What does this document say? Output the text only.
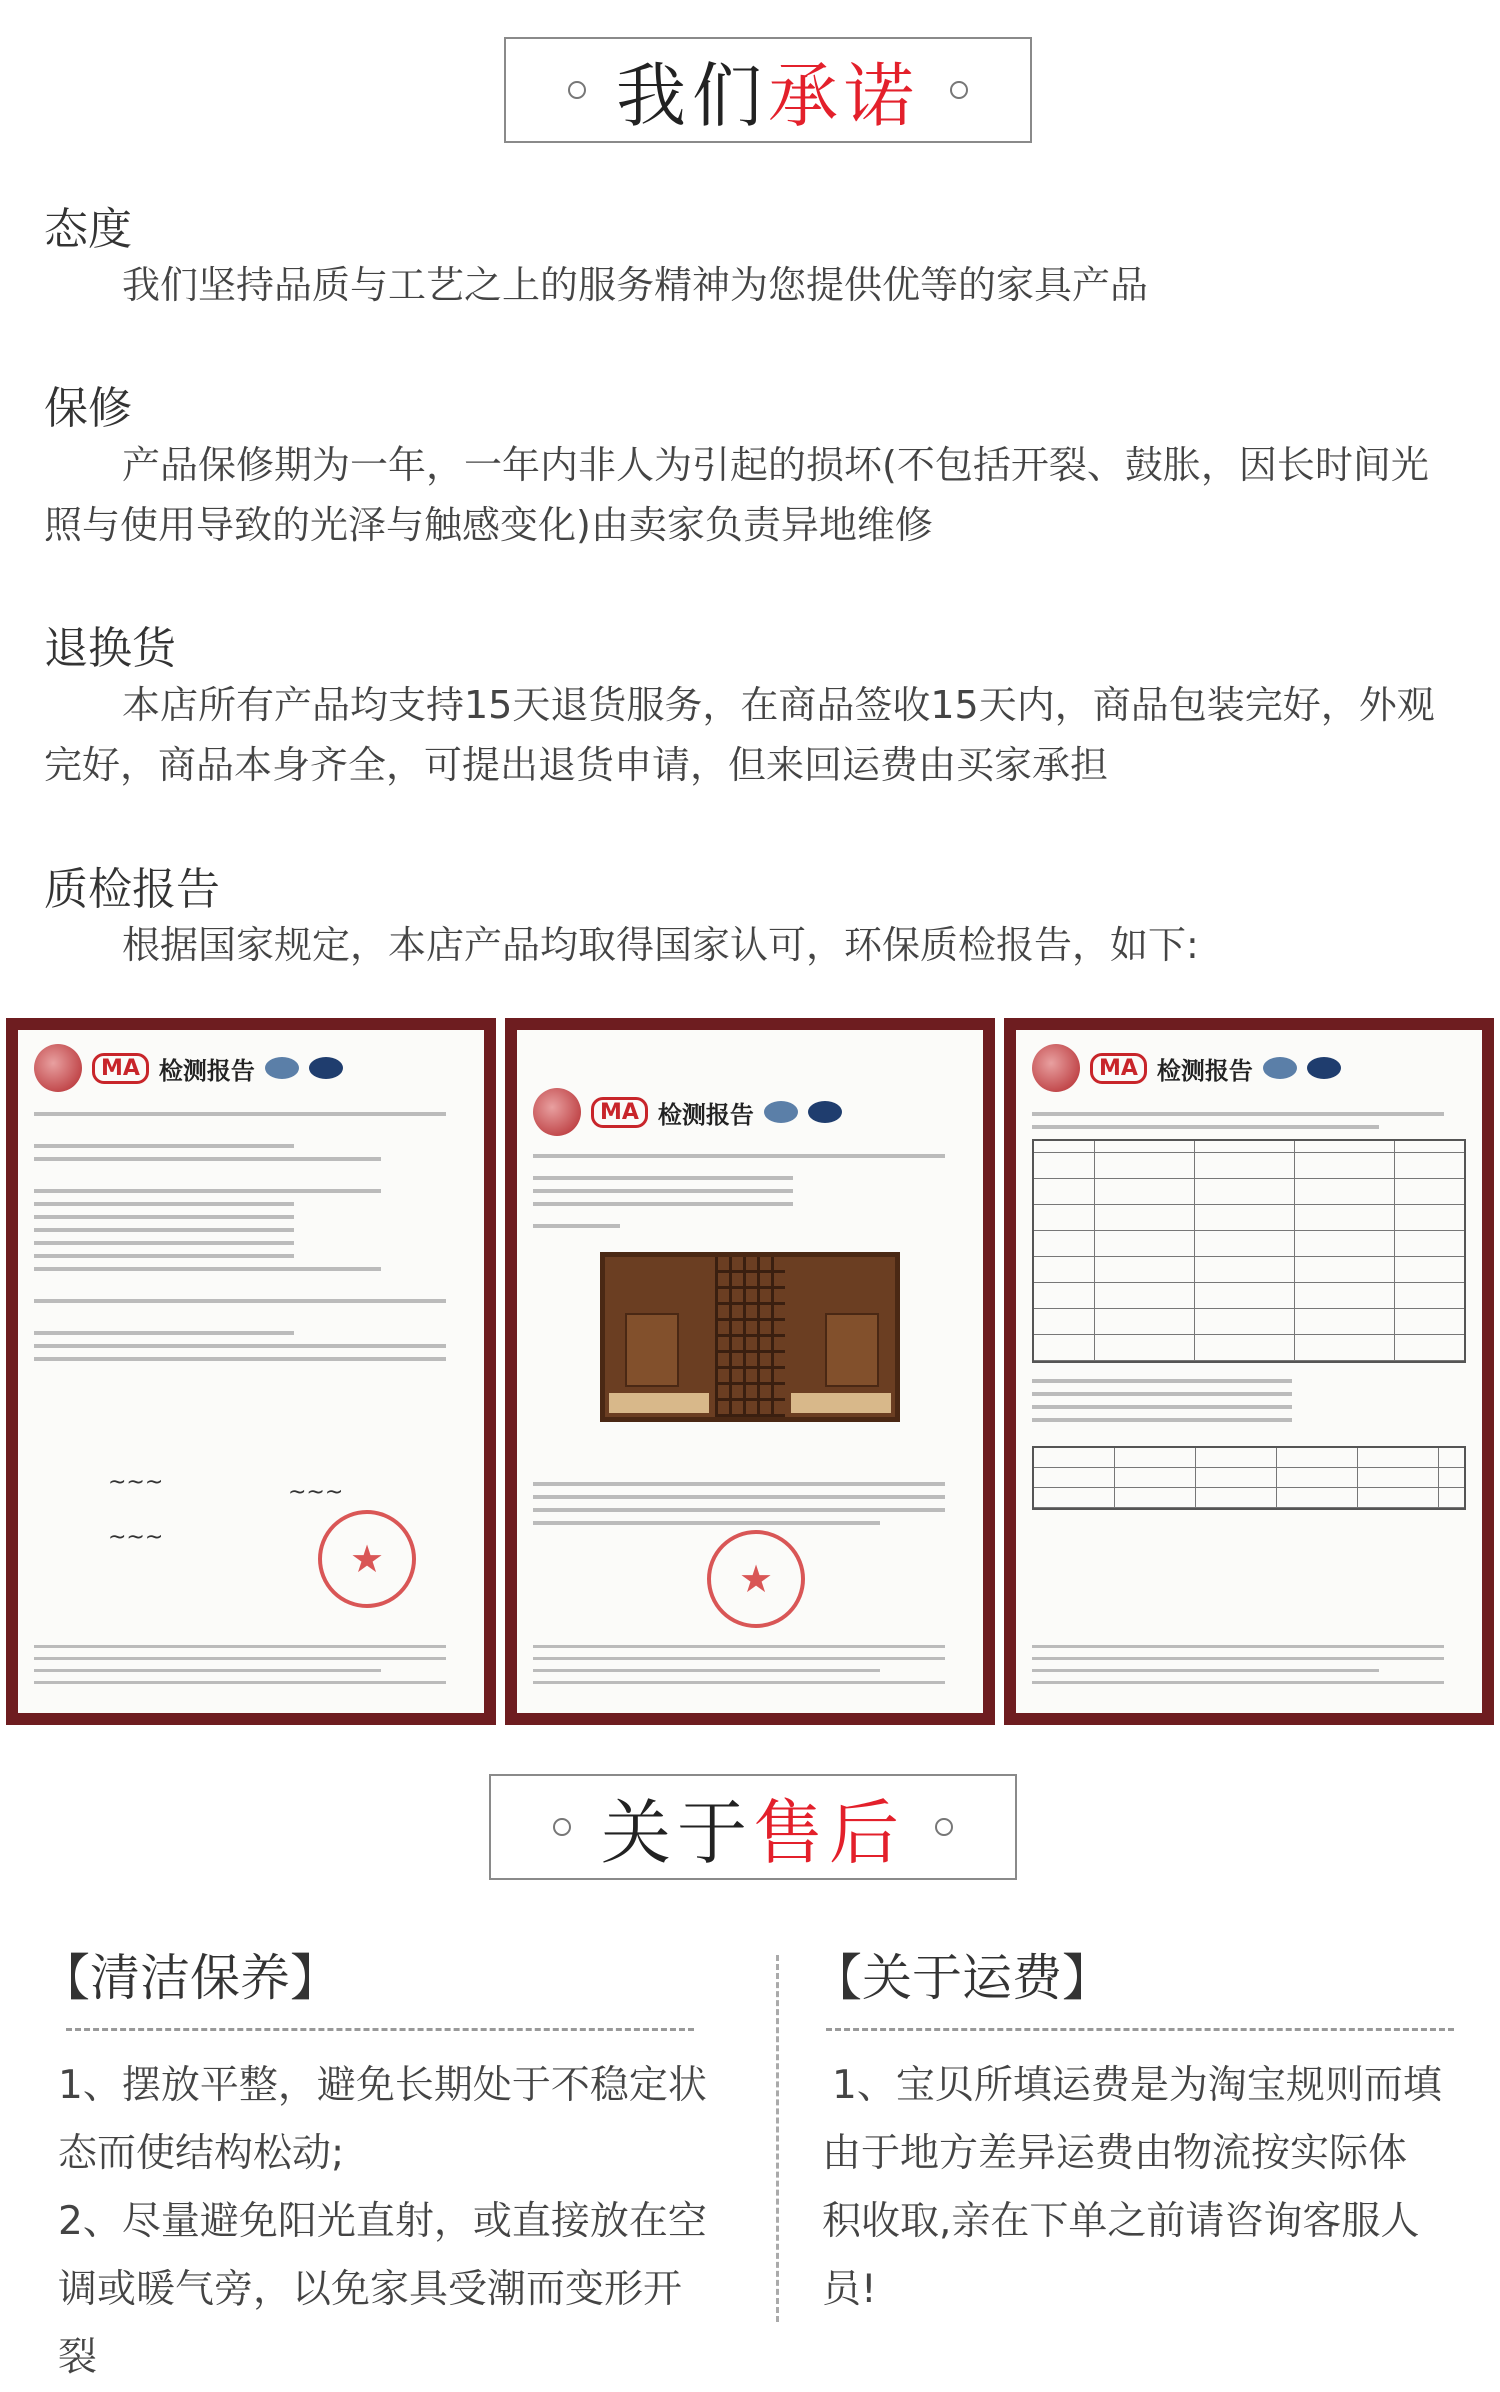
我们承诺
态度
我们坚持品质与工艺之上的服务精神为您提供优等的家具产品
保修
产品保修期为一年，一年内非人为引起的损坏(不包括开裂、鼓胀，因长时间光照与使用导致的光泽与触感变化)由卖家负责异地维修
退换货
本店所有产品均支持15天退货服务，在商品签收15天内，商品包装完好，外观完好，商品本身齐全，可提出退货申请，但来回运费由买家承担
质检报告
根据国家规定，本店产品均取得国家认可，环保质检报告，如下:
MA 检测报告
~~~	~~~
~~~	★
MA 检测报告
★
MA 检测报告
关于售后
【清洁保养】
1、摆放平整，避免长期处于不稳定状态而使结构松动;
2、尽量避免阳光直射，或直接放在空调或暖气旁，以免家具受潮而变形开裂
【关于运费】
1、宝贝所填运费是为淘宝规则而填由于地方差异运费由物流按实际体积收取,亲在下单之前请咨询客服人员!
